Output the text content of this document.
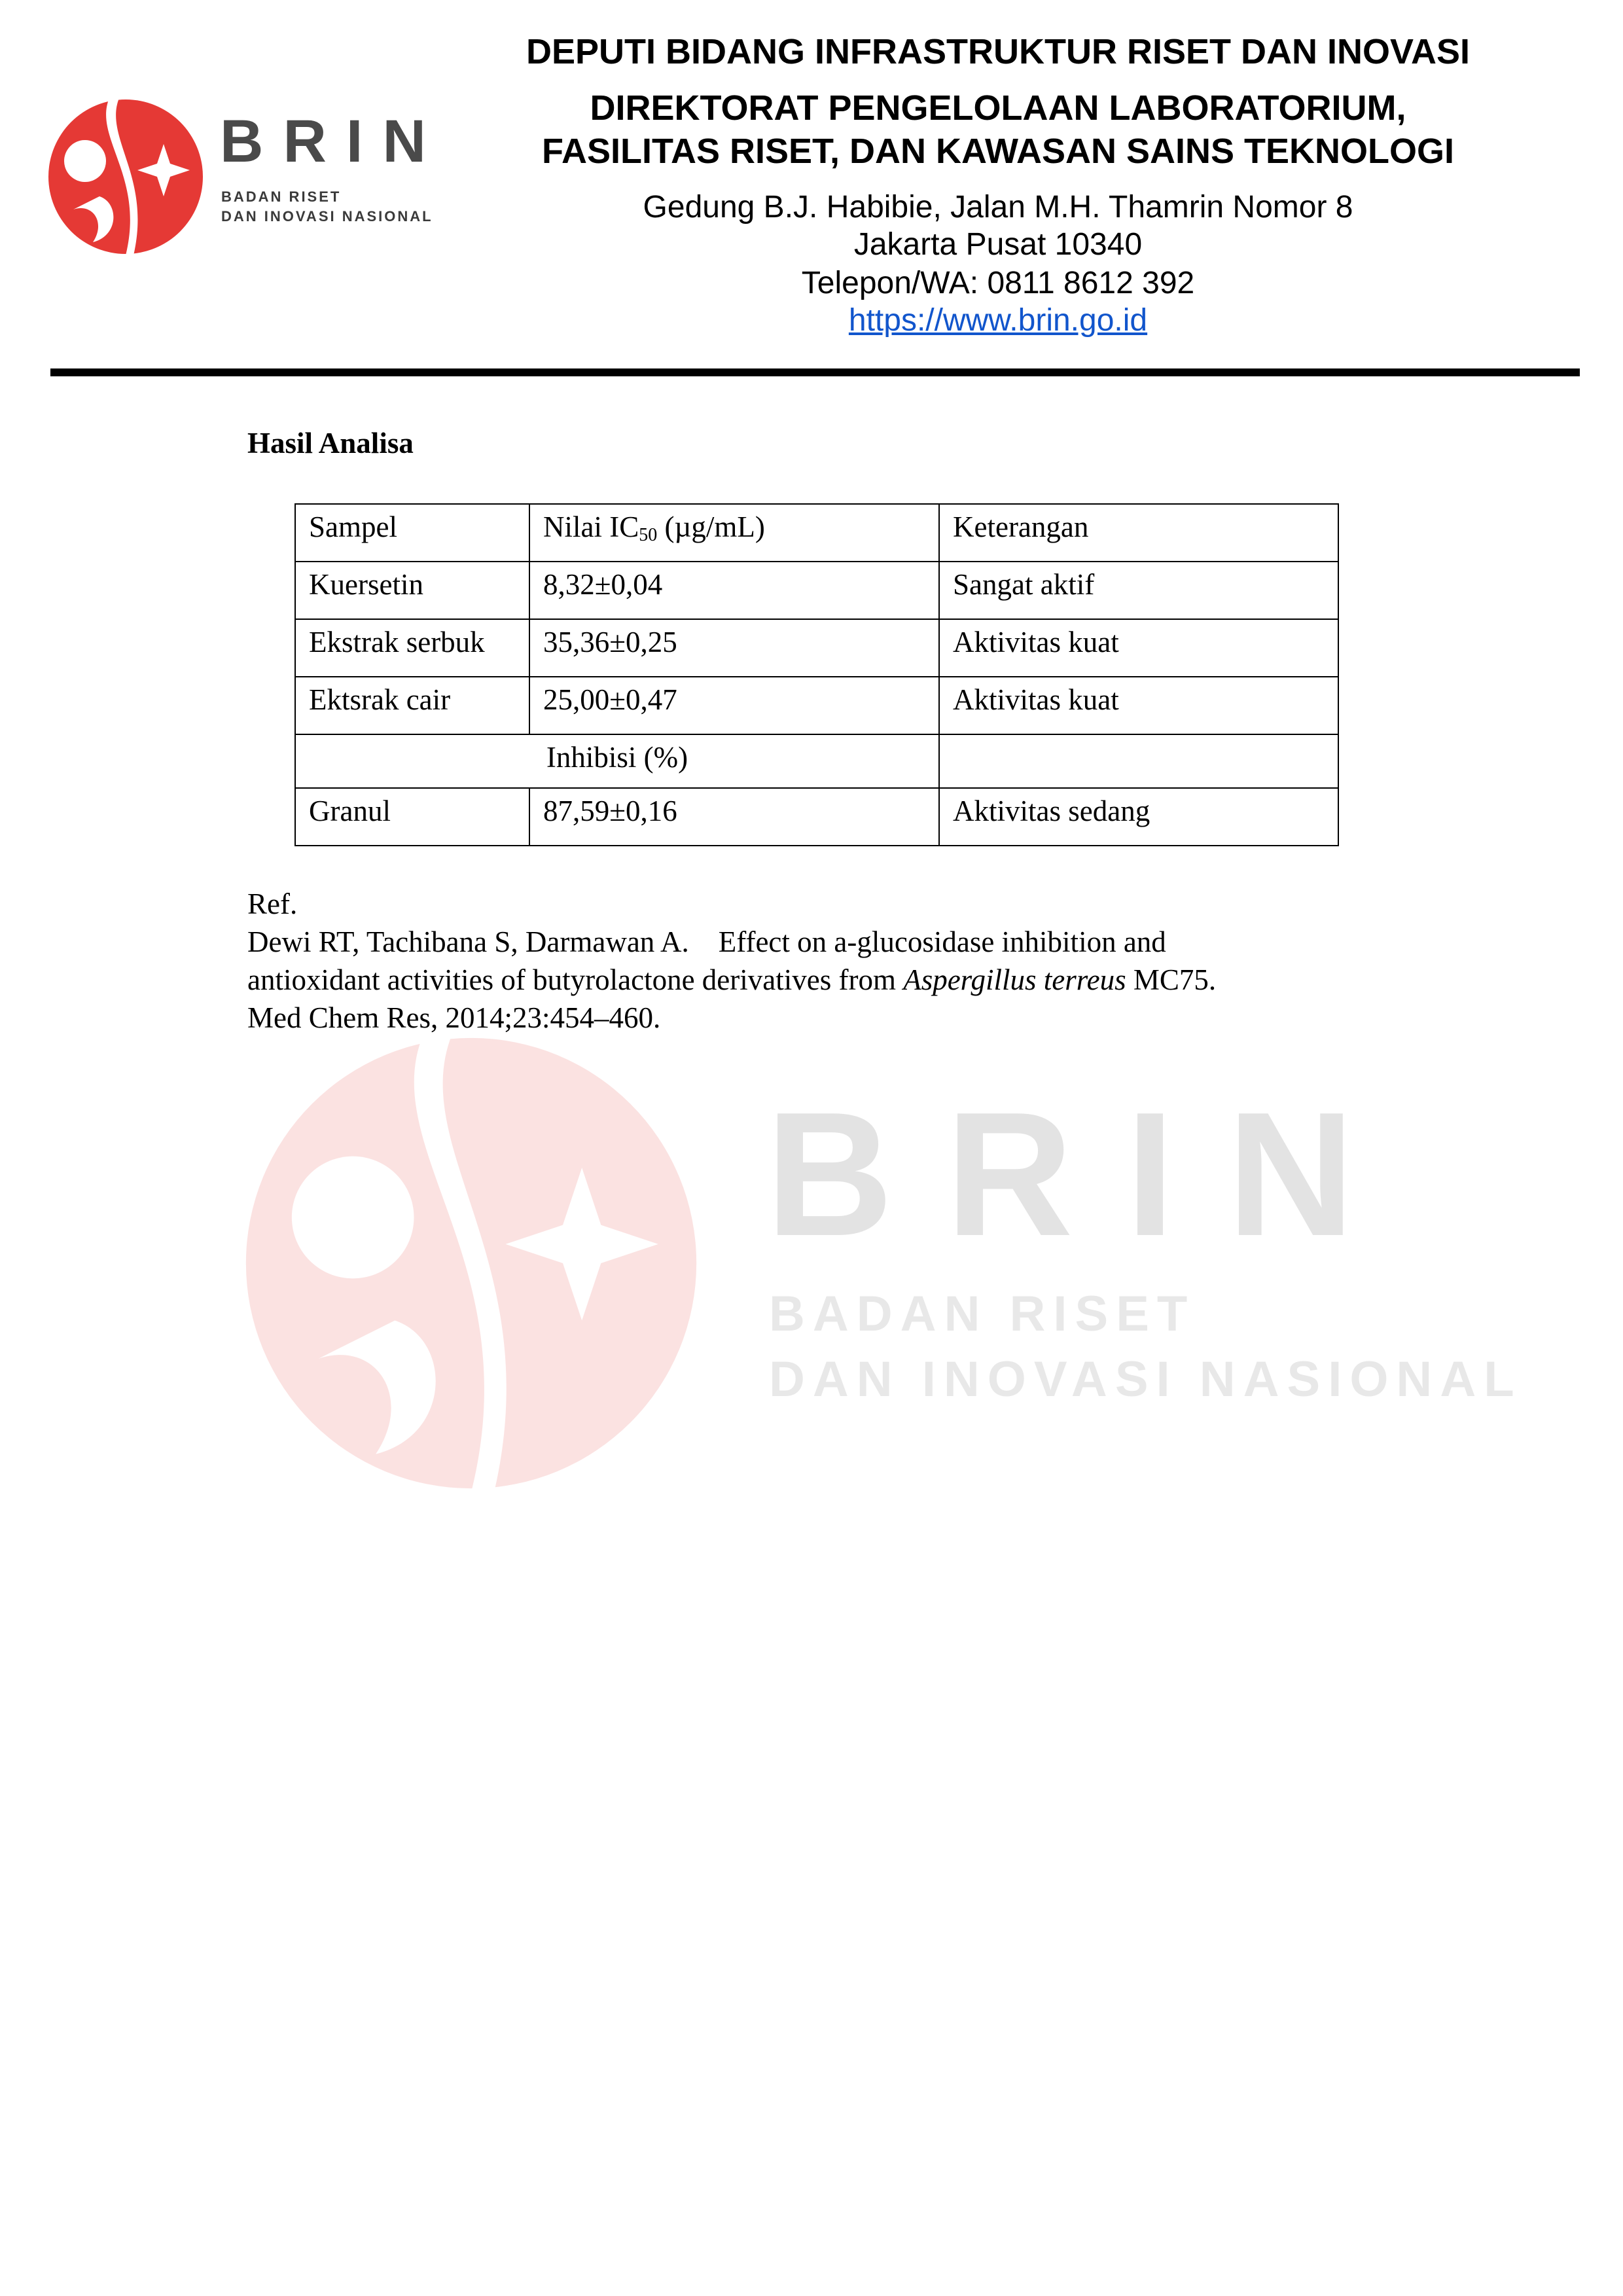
BRIN
BADAN RISET
DAN INOVASI NASIONAL
DEPUTI BIDANG INFRASTRUKTUR RISET DAN INOVASI
DIREKTORAT PENGELOLAAN LABORATORIUM,
FASILITAS RISET, DAN KAWASAN SAINS TEKNOLOGI
Gedung B.J. Habibie, Jalan M.H. Thamrin Nomor 8
Jakarta Pusat 10340
Telepon/WA: 0811 8612 392
https://www.brin.go.id
BRIN
BADAN RISET
DAN INOVASI NASIONAL
Hasil Analisa
Sampel	Nilai $IC_{50}$ (µg/mL)	Keterangan
Kuersetin	8,32±0,04	Sangat aktif
Ekstrak serbuk	35,36±0,25	Aktivitas kuat
Ektsrak cair	25,00±0,47	Aktivitas kuat
Inhibisi (%)		
Granul	87,59±0,16	Aktivitas sedang

Ref.

Dewi RT, Tachibana S, Darmawan A.    Effect on a-glucosidase inhibition and

antioxidant activities of butyrolactone derivatives from Aspergillus terreus MC75.

Med Chem Res, 2014;23:454–460.
